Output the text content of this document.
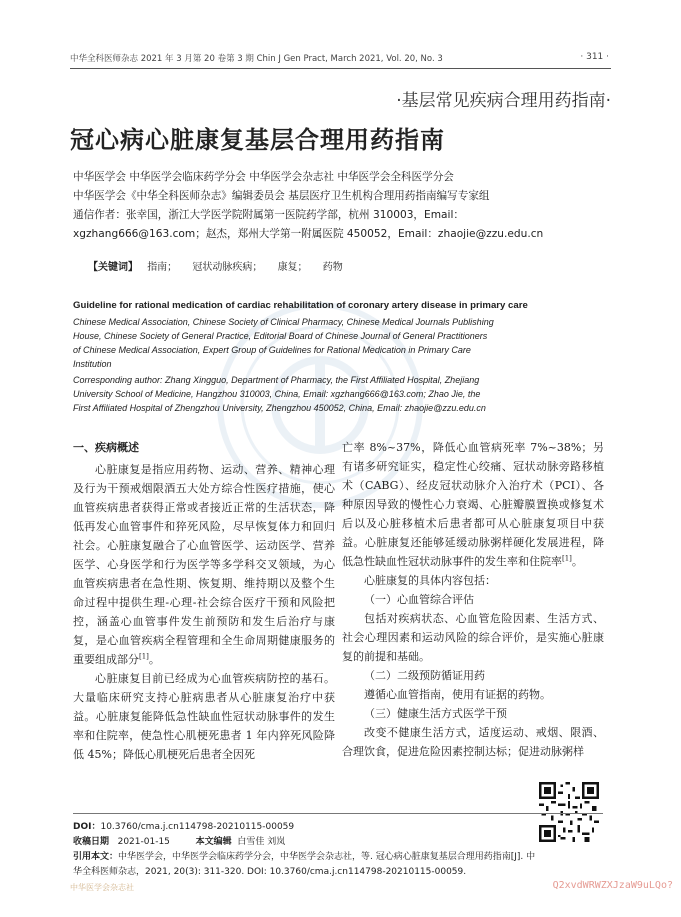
中华全科医师杂志 2021 年 3 月第 20 卷第 3 期 Chin J Gen Pract, March 2021, Vol. 20, No. 3	· 311 ·
·基层常见疾病合理用药指南·
冠心病心脏康复基层合理用药指南

中华医学会 中华医学会临床药学分会 中华医学会杂志社 中华医学会全科医学分会

中华医学会《中华全科医师杂志》编辑委员会 基层医疗卫生机构合理用药指南编写专家组

通信作者：张幸国，浙江大学医学院附属第一医院药学部，杭州 310003，Email：

xgzhang666@163.com；赵杰，郑州大学第一附属医院 450052，Email：zhaojie@zzu.edu.cn

【关键词】 指南； 冠状动脉疾病； 康复； 药物
Guideline for rational medication of cardiac rehabilitation of coronary artery disease in primary care

Chinese Medical Association, Chinese Society of Clinical Pharmacy, Chinese Medical Journals Publishing

House, Chinese Society of General Practice, Editorial Board of Chinese Journal of General Practitioners

of Chinese Medical Association, Expert Group of Guidelines for Rational Medication in Primary Care

Institution

Corresponding author: Zhang Xingguo, Department of Pharmacy, the First Affiliated Hospital, Zhejiang

University School of Medicine, Hangzhou 310003, China, Email: xgzhang666@163.com; Zhao Jie, the

First Affiliated Hospital of Zhengzhou University, Zhengzhou 450052, China, Email: zhaojie@zzu.edu.cn

一、疾病概述

心脏康复是指应用药物、运动、营养、精神心理及行为干预戒烟限酒五大处方综合性医疗措施，使心血管疾病患者获得正常或者接近正常的生活状态，降低再发心血管事件和猝死风险，尽早恢复体力和回归社会。心脏康复融合了心血管医学、运动医学、营养医学、心身医学和行为医学等多学科交叉领域，为心血管疾病患者在急性期、恢复期、维持期以及整个生命过程中提供生理-心理-社会综合医疗干预和风险把控，涵盖心血管事件发生前预防和发生后治疗与康复，是心血管疾病全程管理和全生命周期健康服务的重要组成部分[1]。

心脏康复目前已经成为心血管疾病防控的基石。大量临床研究支持心脏病患者从心脏康复治疗中获益。心脏康复能降低急性缺血性冠状动脉事件的发生率和住院率，使急性心肌梗死患者 1 年内猝死风险降低 45%；降低心肌梗死后患者全因死

亡率 8%~37%，降低心血管病死率 7%~38%；另有诸多研究证实，稳定性心绞痛、冠状动脉旁路移植术（CABG）、经皮冠状动脉介入治疗术（PCI）、各种原因导致的慢性心力衰竭、心脏瓣膜置换或修复术后以及心脏移植术后患者都可从心脏康复项目中获益。心脏康复还能够延缓动脉粥样硬化发展进程，降低急性缺血性冠状动脉事件的发生率和住院率[1]。

心脏康复的具体内容包括：

（一）心血管综合评估

包括对疾病状态、心血管危险因素、生活方式、社会心理因素和运动风险的综合评价，是实施心脏康复的前提和基础。

（二）二级预防循证用药

遵循心血管指南，使用有证据的药物。

（三）健康生活方式医学干预

改变不健康生活方式，适度运动、戒烟、限酒、合理饮食，促进危险因素控制达标；促进动脉粥样

DOI：10.3760/cma.j.cn114798-20210115-00059

收稿日期 2021-01-15	本文编辑 白雪佳 刘岚

引用本文：中华医学会，中华医学会临床药学分会，中华医学会杂志社，等. 冠心病心脏康复基层合理用药指南[J]. 中华全科医师杂志，2021, 20(3): 311-320. DOI: 10.3760/cma.j.cn114798-20210115-00059.

中华医学会杂志社	Q2xvdWRWZXJzaW9uLQo?
